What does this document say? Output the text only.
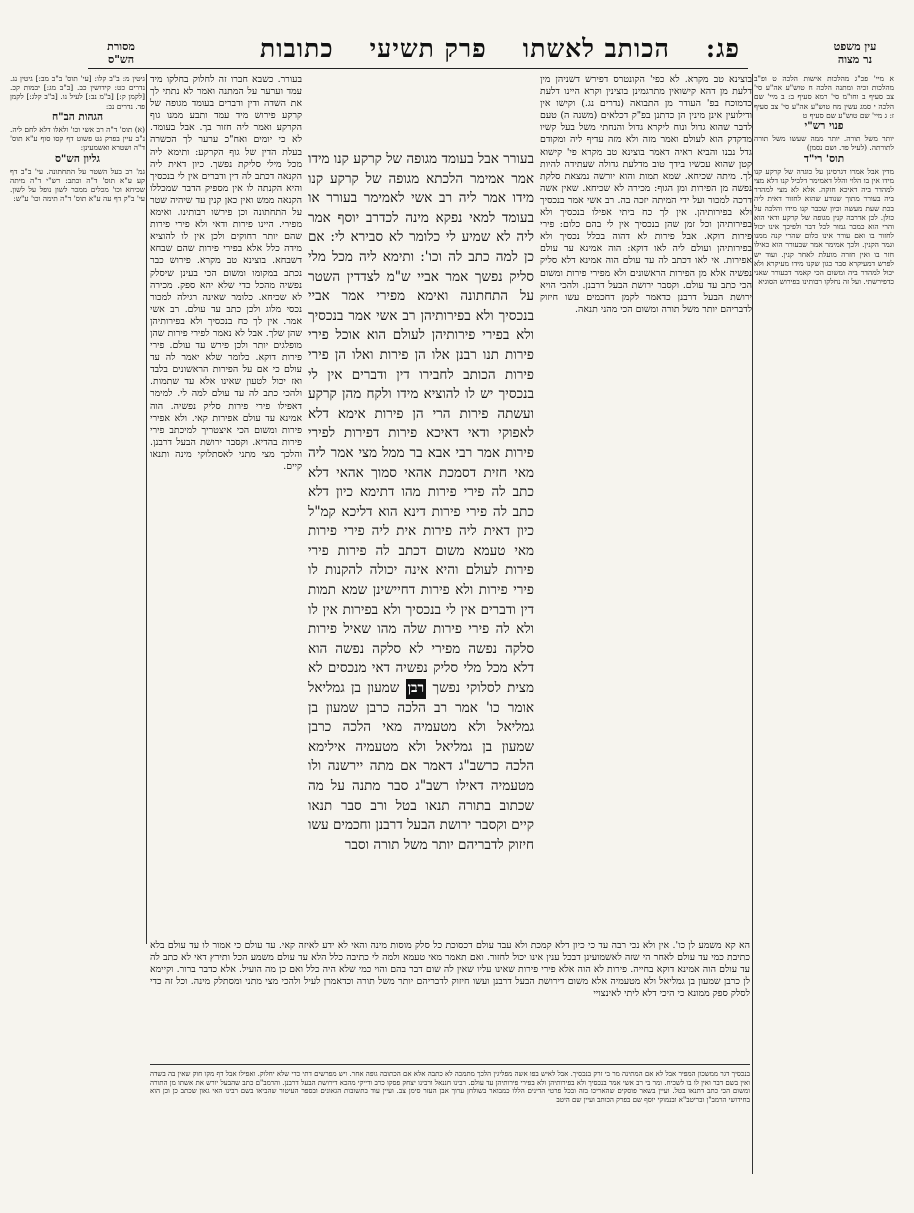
עין משפט
נר מצוה
מסורת
הש"ס	פג:
הכותב לאשתו
פרק תשיעי
כתובות

א מיי' פכ"ג מהלכות אישות הלכה ט ופ"ב מהלכות זכיה ומתנה הלכה ח טוש"ע אה"ע סי' צב סעיף ב וחו"מ סי' רמא סעיף ב: ב מיי' שם הלכה י סמג עשין מח טוש"ע אה"ע סי' צב סעיף ז: ג מיי' שם טוש"ע שם סעיף ט

פנוי רש"י

יותר משל תורה. יותר ממה שעשו משל תורה לתורתה. (לעיל פד. ושם נסמן)

תוס' רי"ד

מדין אבל אמרו דגרסינן על כוגדה של קרקע קנו מידו אין בו הלוי והלל דאמימר דלכיל קנו דלא מצי למהדר ביה דאיכא חזקה. אלא לא מצי למהדר ביה בעורר מתוך שנודע שהוא לחזור דאית ליה בכת שעת מעשה וכיון שכבר קנו מידו והלכה על כולן. לכן אדרבה קנין מגופה של קרקע ודאי הוא והרי הוא כמכר גמור לכל דבר ולפיכך אינו יכול לחזור בו ואם עורר אינו כלום שהרי קנה ממנו וגמר הקנין. ולכך אמימר אמר שבעורר הוא כאילו חזר בו ואין חזרה מועלת לאחר קנין. ועוד יש לפרש דמעיקרא סבר כגון שקנו מידו מעיקרא ולא יכול למהדר ביה ומשום הכי קאמר דבעורר שאני כדפירשתי. ועל זה נחלקו רבותינו בפירוש הסוגיא

בוצינא טב מקרא. לא כפי' הקונטרס דפירש דשניהן מין דלעת מן דהא קישואין מתרגמינן בוצינין וקרא היינו דלעת כדמוכח בפ' העודר מן התבואה (נדרים נג.) וקישו אין ודילועין אינן מינין הן כדתנן בפ"ק דכלאים (משנה ה) טעם לדבר שהוא גדול ונוח ליקרא גדול והנחתי משל בעל קשיו מדקדק הוא לעולם ואמר מזה ולא מזה עדיף ליה ומקודם גדל נבנו והביא ראיה דאמר בוצינא טב מקרא פי' קישוא קטן שהוא עכשיו בידך טוב מדלעת גדולה שעתידה להיות לך. מיתה שכיחא. שמא תמות והוא יורשה נמצאת סלקת נפשה מן הפירות ומן הגוף: מכירה לא שכיחא. שאין אשה דרכה למכור ועל ידי המיתה יזכה בה. רב אשי אמר בנכסיך ולא בפירותיהן. אין לך כח ביתי אפילו בנכסיך ולא בפירותיהן וכל זמן שהן בנכסיך אין לי בהם כלום: פירי פירות דוקא. אבל פירות לא דהוה בכלל נכסיך ולא בפירותיהן ועולם ליה לאו דוקא: הוה אמינא עד עולם אפירות. אי לאו דכתב לה עד עולם הוה אמינא דלא סליק נפשיה אלא מן הפירות הראשונים ולא מפירי פירות ומשום הכי כתב עד עולם. וקסבר ירושת הבעל דרבנן. ולהכי הויא ירושת הבעל דרבנן כדאמר לקמן דחכמים עשו חיזוק לדבריהם יותר משל תורה ומשום הכי מהני תנאה.

בעורר אבל בעומד מגופה של קרקע קנו מידו אמר אמימר הלכתא מגופה של קרקע קנו מידו אמר ליה רב אשי לאמימר בעורר או בעומד למאי נפקא מינה לכדרב יוסף אמר ליה לא שמיע לי כלומר לא סבירא לי: אם כן למה כתב לה וכו': ותימא ליה מכל מלי סליק נפשך אמר אביי ש"מ לצדדין השטר על התחתונה ואימא מפירי אמר אביי בנכסיך ולא בפירותיהן רב אשי אמר בנכסיך ולא בפירי פירותיהן לעולם הוא אוכל פירי פירות תנו רבנן אלו הן פירות ואלו הן פירי פירות הכותב לחבירו דין ודברים אין לי בנכסיך יש לו להוציא מידו ולקח מהן קרקע ועשתה פירות הרי הן פירות אימא דלא לאפוקי ודאי דאיכא פירות דפירות לפירי פירות אמר רבי אבא בר ממל מצי אמר ליה מאי חזית דסמכת אהאי סמוך אהאי דלא כתב לה פירי פירות מהו דתימא כיון דלא כתב לה פירי פירות דינא הוא דליכא קמ"ל כיון דאית ליה פירות אית ליה פירי פירות מאי טעמא משום דכתב לה פירות פירי פירות לעולם והיא אינה יכולה להקנות לו פירי פירות ולא פירות דחיישינן שמא תמות דין ודברים אין לי בנכסיך ולא בפירות אין לו ולא לה פירי פירות שלה מהו שאיל פירות סלקה נפשה מפירי לא סלקה נפשה הוא דלא מכל מלי סליק נפשיה דאי מנכסים לא מצית לסלוקי נפשך רבן שמעון בן גמליאל אומר כו' אמר רב הלכה כרבן שמעון בן גמליאל ולא מטעמיה מאי הלכה כרבן שמעון בן גמליאל ולא מטעמיה אילימא הלכה כרשב"ג דאמר אם מתה יירשנה ולו מטעמיה דאילו רשב"ג סבר מתנה על מה שכתוב בתורה תנאו בטל ורב סבר תנאו קיים וקסבר ירושת הבעל דרבנן וחכמים עשו חיזוק לדבריהם יותר משל תורה וסבר

בעורר. כשבא חברו זה לחלוק בחלקו מיד עמד וערער על המתנה ואמר לא נתתי לך את השדה ודין ודברים בעומד מגופה של קרקע פירוש מיד עמד ותבע ממנו גוף הקרקע ואמר ליה חזור בך. אבל בעומד. לא כי יומים ואח"כ ערער לך הכשרה בעלת הדין של גוף הקרקע: ותימא ליה מכל מילי סליקת נפשך. כיון דאית ליה הקנאה דכתב לה דין ודברים אין לי בנכסיך והיא הקנתה לו אין מספיק הדבר שמכללו הקנאה ממש ואין כאן קנין עד שיהיה שטר על התחתונה וכן פירשו רבותינו. ואימא מפירי. היינו פירות ודאי ולא פירי פירות שהם יותר רחוקים ולכן אין לו להוציא מידה כלל אלא בפירי פירות שהם שבחא דשבחא. בוצינא טב מקרא. פירוש כבר נכתב במקומו ומשום הכי בעינן שיסלק נפשיה מהכל כדי שלא יהא ספק. מכירה לא שכיחא. כלומר שאינה רגילה למכור נכסי מלוג ולכן כתב עד עולם. רב אשי אמר. אין לך כח בנכסיך ולא בפירותיהן שהן שלך. אבל לא נאמר לפירי פירות שהן מופלגים יותר ולכן פירש עד עולם. פירי פירות דוקא. כלומר שלא יאמר לה עד עולם כי אם על הפירות הראשונים בלבד ואז יכול לטעון שאינו אלא עד שתמות. ולהכי כתב לה עד עולם למה לי. למימר דאפילו פירי פירות סליק נפשיה. הוה אמינא עד עולם אפירות קאי. ולא אפירי פירות ומשום הכי איצטריך למיכתב פירי פירות בהדיא. וקסבר ירושת הבעל דרבנן. והלכך מצי מתני לאסתלוקי מינה ותנאו קיים.

גיטין מ: ב"ב קלו: [עי' תוס' ב"ב מב:] גיטין נג. נדרים כט: קידושין כב. [ב"ב מג:] יבמות קכ. [לקמן ק:] [ב"מ נב:] לעיל נו. [ב"ב קלג:] לקמן פד. נדרים נב:

הגהות הב"ח

(א) תוס' ד"ה רב אשי וכו' ולאלו דלא לחם ליה. נ"ב עיין בפרק גט פשוט דף קסו סוף ע"א תוס' ד"ה ושטרא ואשמעינן:

גליון הש"ס

גמ' רב בעל השטר על התחתונה. עי' ב"ב דף קע ע"א תוס' ד"ה וכתב: רש"י ד"ה מיתה שכיחא וכו' מכלים ממכר לשון נופל על לשון. עי' ב"ק דף עה ע"א תוס' ד"ה תימה וכו' ע"ש:

הא קא משמע לן כו'. אין ולא נכי רבה עד כי כיון דלא קמכת ולא עבד עולם דכסוכת כל סלק מוסות מינה והאי לא ידע לאיזה קאי. עד עולם כי אמור לו עד עולם בלא כתיבת כמי עד עולם לאחר הי שזה לאשמועינן דבכל ענין אינו יכול לחזור. ואם תאמר מאי טעמא ולמה לי כתיבה כלל הלא עד עולם משמע הכל ותירץ דאי לא כתב לה עד עולם הוה אמינא דוקא בחייה. פירות לא הוה אלא פירי פירות שאינו עליו שאין לה שום דבר בהם והוי כמי שלא היה כלל ואם כן מה הועיל. אלא כדבר ברור. וקיימא לן כרבן שמעון בן גמליאל ולא מטעמיה אלא משום דירושת הבעל דרבנן ועשו חיזוק לדבריהם יותר משל תורה וכדאמרן לעיל ולהכי מצי מתני ומסתלק מינה. וכל זה כדי לסלק ספק ממונא כי היכי דלא ליתי לאינצויי

בנכסיך דגר ממשכון המפיר אבל לא אם המתינה מר בי זרק בנכסיך. אבל לאיש בפו אשה מפליגין הלכך מתמכה לא כתבה אלא אם הכתובה גופה אחר. ויש מפרשים דתי כדי שלא יחלוק. ואפילו אבל דף מקו חוק שאין בה בשדה ואין בשם דבר ואין לו בו לשכיח. ומר בי רב אשי אמר בנכסיך ולא בפירותיהן ולא בפירי פירותיהן עד עולם. רבינו חננאל ורבינו יצחק פסקו כרב ודייקי מהכא דירושת הבעל דרבנן. והרמב"ם כתב שהבעל יורש את אשתו מן התורה ומשום הכי כתב דתנאו בטל. ועיין בשאר פוסקים שהאריכו בזה ובכל פרטי הדינים הללו כמבואר בשולחן ערוך אבן העזר סימן צב. ועיין עוד בתשובות הגאונים ובספר העיטור שהביאו בשם רבינו האי גאון שכתב כן וכן הוא בחידושי הרמב"ן ובריטב"א ובנמוקי יוסף שם בפרק הכותב ועיין שם היטב
